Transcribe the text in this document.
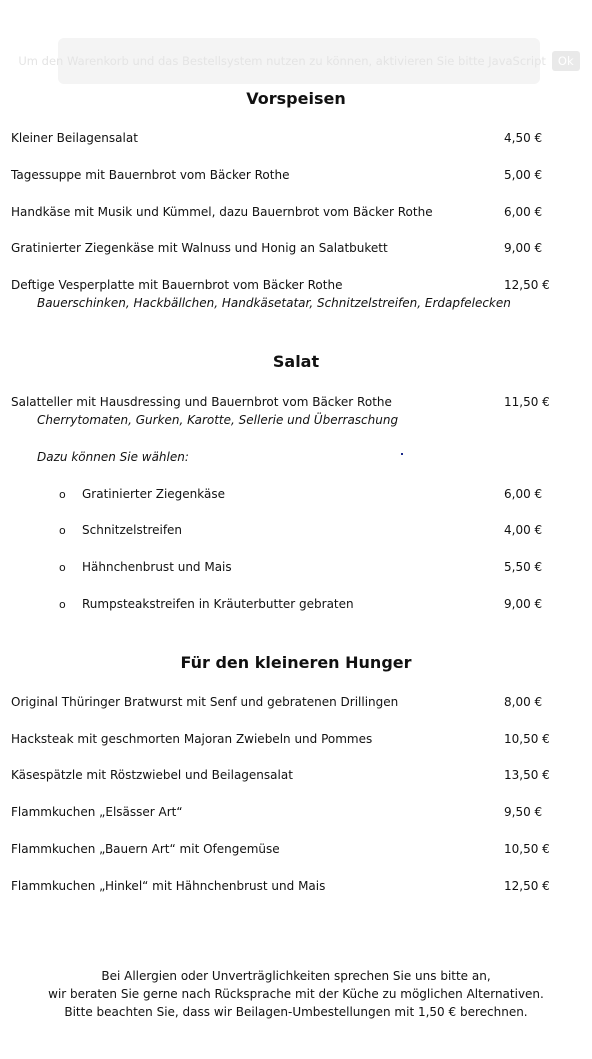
Um den Warenkorb und das Bestellsystem nutzen zu können, aktivieren Sie bitte JavaScript	Ok
Vorspeisen
Kleiner Beilagensalat	4,50 €
Tagessuppe mit Bauernbrot vom Bäcker Rothe	5,00 €
Handkäse mit Musik und Kümmel, dazu Bauernbrot vom Bäcker Rothe	6,00 €
Gratinierter Ziegenkäse mit Walnuss und Honig an Salatbukett	9,00 €
Deftige Vesperplatte mit Bauernbrot vom Bäcker Rothe	12,50 €
Bauerschinken, Hackbällchen, Handkäsetatar, Schnitzelstreifen, Erdapfelecken
Salat
Salatteller mit Hausdressing und Bauernbrot vom Bäcker Rothe	11,50 €
Cherrytomaten, Gurken, Karotte, Sellerie und Überraschung
Dazu können Sie wählen:
o Gratinierter Ziegenkäse	6,00 €
o Schnitzelstreifen	4,00 €
o Hähnchenbrust und Mais	5,50 €
o Rumpsteakstreifen in Kräuterbutter gebraten	9,00 €
Für den kleineren Hunger
Original Thüringer Bratwurst mit Senf und gebratenen Drillingen	8,00 €
Hacksteak mit geschmorten Majoran Zwiebeln und Pommes	10,50 €
Käsespätzle mit Röstzwiebel und Beilagensalat	13,50 €
Flammkuchen „Elsässer Art“	9,50 €
Flammkuchen „Bauern Art“ mit Ofengemüse	10,50 €
Flammkuchen „Hinkel“ mit Hähnchenbrust und Mais	12,50 €
Bei Allergien oder Unverträglichkeiten sprechen Sie uns bitte an,
wir beraten Sie gerne nach Rücksprache mit der Küche zu möglichen Alternativen.
Bitte beachten Sie, dass wir Beilagen-Umbestellungen mit 1,50 € berechnen.
